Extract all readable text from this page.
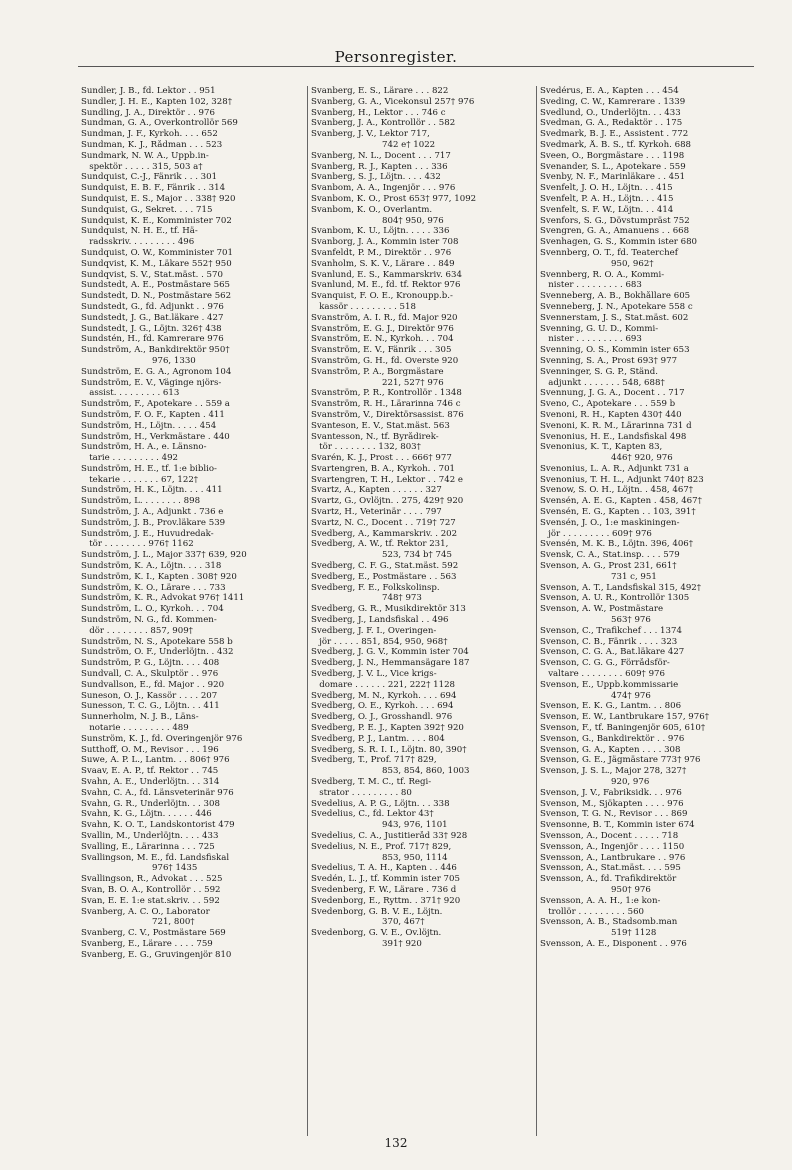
Personregister.
Sundler, J. B., fd. Lektor . . 951
Sundler, J. H. E., Kapten 102, 328†
Sundling, J. A., Direktör . . 976
Sundman, G. A., Överkontrollör 569
Sundman, J. F., Kyrkoh. . . . 652
Sundman, K. J., Rådman . . . 523
Sundmark, N. W. A., Uppb.in-
spektör . . . . . 315, 503 a†
Sundquist, C.-J., Fänrik . . . 301
Sundquist, E. B. F., Fänrik . . 314
Sundquist, E. S., Major . . 338† 920
Sundquist, G., Sekret. . . . 715
Sundquist, K. E., Komminister 702
Sundquist, N. H. E., tf. Hä-
radsskriv. . . . . . . . . 496
Sundquist, O. W., Komminister 701
Sundqvist, K. M., Läkare 552† 950
Sundqvist, S. V., Stat.mäst. . 570
Sundstedt, A. E., Postmästare 565
Sundstedt, D. N., Postmästare 562
Sundstedt, G., fd. Adjunkt . . 976
Sundstedt, J. G., Bat.läkare . 427
Sundstedt, J. G., Löjtn. 326† 438
Sundstén, H., fd. Kamrerare 976
Sundström, A., Bankdirektör 950†
976, 1330
Sundström, E. G. A., Agronom 104
Sundström, E. V., Väginge njörs-
assist. . . . . . . . . 613
Sundström, F., Apotekare . . 559 a
Sundström, F. O. F., Kapten . 411
Sundström, H., Löjtn. . . . . 454
Sundström, H., Verkmästare . 440
Sundström, H. A., e. Länsno-
tarie . . . . . . . . . 492
Sundström, H. E., tf. 1:e biblio-
tekarie . . . . . . . 67, 122†
Sundström, H. K., Löjtn. . . . 411
Sundström, L. . . . . . . . 898
Sundström, J. A., Adjunkt . 736 e
Sundström, J. B., Prov.läkare 539
Sundström, J. E., Huvudredak-
tör . . . . . . . . 976† 1162
Sundström, J. L., Major 337† 639, 920
Sundström, K. A., Löjtn. . . . 318
Sundström, K. I., Kapten . 308† 920
Sundström, K. O., Lärare . . . 733
Sundström, K. R., Advokat 976† 1411
Sundström, L. O., Kyrkoh. . . 704
Sundström, N. G., fd. Kommen-
dör . . . . . . . . 857, 909†
Sundström, N. S., Apotekare 558 b
Sundström, O. F., Underlöjtn. . 432
Sundström, P. G., Löjtn. . . . 408
Sundvall, C. A., Skulptör . . 976
Sundvallson, E., fd. Major . . 920
Suneson, O. J., Kassör . . . . 207
Sunesson, T. C. G., Löjtn. . . 411
Sunnerholm, N. J. B., Läns-
notarie . . . . . . . . . 489
Sunström, K. J., fd. Överingenjör 976
Sutthoff, O. M., Revisor . . . 196
Suwe, A. P. L., Lantm. . . 806† 976
Svaav, E. A. P., tf. Rektor . . 745
Svahn, A. E., Underlöjtn. . . 314
Svahn, C. A., fd. Länsveterinär 976
Svahn, G. R., Underlöjtn. . . 308
Svahn, K. G., Löjtn. . . . . . 446
Svahn, K. O. T., Landskontorist 479
Svallin, M., Underlöjtn. . . . 433
Svalling, E., Lärarinna . . . 725
Svallingson, M. E., fd. Landsfiskal
976† 1435
Svallingson, R., Advokat . . . 525
Svan, B. O. A., Kontrollör . . 592
Svan, E. E. 1:e stat.skriv. . . 592
Svanberg, A. C. O., Laborator
721, 800†
Svanberg, C. V., Postmästare 569
Svanberg, E., Lärare . . . . 759
Svanberg, E. G., Gruvingenjör 810
Svanberg, E. S., Lärare . . . 822
Svanberg, G. A., Vicekonsul 257† 976
Svanberg, H., Lektor . . . 746 c
Svanberg, J. A., Kontrollör . . 582
Svanberg, J. V., Lektor 717,
742 e† 1022
Svanberg, N. L., Docent . . . 717
Svanberg, R. J., Kapten . . . 336
Svanberg, S. J., Löjtn. . . . 432
Svanbom, A. A., Ingenjör . . . 976
Svanbom, K. O., Prost 653† 977, 1092
Svanbom, K. O., Överlantm.
804† 950, 976
Svanbom, K. U., Löjtn. . . . . 336
Svanborg, J. A., Kommin ister 708
Svanfeldt, P. M., Direktör . . 976
Svanholm, S. K. V., Lärare . . 849
Svanlund, E. S., Kammarskriv. 634
Svanlund, M. E., fd. tf. Rektor 976
Svanquist, F. O. E., Kronoupp.b.-
kassör . . . . . . . . . 518
Svanström, A. I. R., fd. Major 920
Svanström, E. G. J., Direktör 976
Svanström, E. N., Kyrkoh. . . 704
Svanström, E. V., Fänrik . . . 305
Svanström, G. H., fd. Överste 920
Svanström, P. A., Borgmästare
221, 527† 976
Svanström, P. R., Kontrollör . 1348
Svanström, R. H., Lärarinna 746 c
Svanström, V., Direktörsassist. 876
Svanteson, E. V., Stat.mäst. 563
Svantesson, N., tf. Byrådirek-
tör . . . . . . . . 132, 803†
Svarén, K. J., Prost . . . 666† 977
Svartengren, B. A., Kyrkoh. . 701
Svartengren, T. H., Lektor . . 742 e
Svartz, A., Kapten . . . . . . 327
Svartz, G., Övlöjtn. . 275, 429† 920
Svartz, H., Veterinär . . . . 797
Svartz, N. C., Docent . . 719† 727
Svedberg, A., Kammarskriv. . 202
Svedberg, A. W., tf. Rektor 231,
523, 734 b† 745
Svedberg, C. F. G., Stat.mäst. 592
Svedberg, E., Postmästare . . 563
Svedberg, F. E., Folkskolinsp.
748† 973
Svedberg, G. R., Musikdirektör 313
Svedberg, J., Landsfiskal . . 496
Svedberg, J. F. I., Överingen-
jör . . . . . 851, 854, 950, 968†
Svedberg, J. G. V., Kommin ister 704
Svedberg, J. N., Hemmansägare 187
Svedberg, J. V. L., Vice krigs-
domare . . . . . . 221, 222† 1128
Svedberg, M. N., Kyrkoh. . . . 694
Svedberg, O. E., Kyrkoh. . . . 694
Svedberg, O. J., Grosshandl. 976
Svedberg, P. E. J., Kapten 392† 920
Svedberg, P. J., Lantm. . . . 804
Svedberg, S. R. I. I., Löjtn. 80, 390†
Svedberg, T., Prof. 717† 829,
853, 854, 860, 1003
Svedberg, T. M. C., tf. Regi-
strator . . . . . . . . . 80
Svedelius, A. P. G., Löjtn. . . 338
Svedelius, C., fd. Lektor 43†
943, 976, 1101
Svedelius, C. A., Justitieråd 33† 928
Svedelius, N. E., Prof. 717† 829,
853, 950, 1114
Svedelius, T. A. H., Kapten . . 446
Svedén, L. J., tf. Kommin ister 705
Svedenberg, F. W., Lärare . 736 d
Svedenborg, E., Ryttm. . 371† 920
Svedenborg, G. B. V. E., Löjtn.
370, 467†
Svedenborg, G. V. E., Öv.löjtn.
391† 920
Svedérus, E. A., Kapten . . . 454
Sveding, C. W., Kamrerare . 1339
Svedlund, O., Underlöjtn. . . 433
Svedman, G. A., Redaktör . . 175
Svedmark, B. J. E., Assistent . 772
Svedmark, Å. B. S., tf. Kyrkoh. 688
Sveen, O., Borgmästare . . . 1198
Svenander, S. L., Apotekare . 559
Svenby, N. F., Marinläkare . . 451
Svenfelt, J. O. H., Löjtn. . . 415
Svenfelt, P. A. H., Löjtn. . . 415
Svenfelt, S. F. W., Löjtn. . . 414
Svenfors, S. G., Dövstumpräst 752
Svengren, G. A., Amanuens . . 668
Svenhagen, G. S., Kommin ister 680
Svennberg, O. T., fd. Teaterchef
950, 962†
Svennberg, R. O. A., Kommi-
nister . . . . . . . . . 683
Svenneberg, A. B., Bokhållare 605
Svenneberg, J. N., Apotekare 558 c
Svennerstam, J. S., Stat.mäst. 602
Svenning, G. U. D., Kommi-
nister . . . . . . . . . 693
Svenning, O. S., Kommin ister 653
Svenning, S. A., Prost 693† 977
Svenninger, S. G. P., Ständ.
adjunkt . . . . . . . 548, 688†
Svennung, J. G. A., Docent . . 717
Sveno, C., Apotekare . . . 559 b
Svenoni, R. H., Kapten 430† 440
Svenoni, K. R. M., Lärarinna 731 d
Svenonius, H. E., Landsfiskal 498
Svenonius, K. T., Kapten 83,
446† 920, 976
Svenonius, L. A. R., Adjunkt 731 a
Svenonius, T. H. L., Adjunkt 740† 823
Svenow, S. O. H., Löjtn. . 458, 467†
Svensén, A. E. G., Kapten . 458, 467†
Svensén, E. G., Kapten . . 103, 391†
Svensén, J. O., 1:e maskiningen-
jör . . . . . . . . . 609† 976
Svensén, M. K. B., Löjtn. 396, 406†
Svensk, C. A., Stat.insp. . . . 579
Svenson, A. G., Prost 231, 661†
731 c, 951
Svenson, A. T., Landsfiskal 315, 492†
Svenson, A. U. R., Kontrollör 1305
Svenson, A. W., Postmästare
563† 976
Svenson, C., Trafikchef . . . 1374
Svenson, C. B., Fänrik . . . . 323
Svenson, C. G. A., Bat.läkare 427
Svenson, C. G. G., Förrådsför-
valtare . . . . . . . . 609† 976
Svenson, E., Uppb.kommissarie
474† 976
Svenson, E. K. G., Lantm. . . 806
Svenson, E. W., Lantbrukare 157, 976†
Svenson, F., tf. Baningenjör 605, 610†
Svenson, G., Bankdirektör . . 976
Svenson, G. A., Kapten . . . . 308
Svenson, G. E., Jägmästare 773† 976
Svenson, J. S. L., Major 278, 327†
920, 976
Svenson, J. V., Fabriksidk. . . 976
Svenson, M., Sjökapten . . . . 976
Svenson, T. G. N., Revisor . . . 869
Svensonne, B. T., Kommin ister 674
Svensson, A., Docent . . . . . 718
Svensson, A., Ingenjör . . . . 1150
Svensson, A., Lantbrukare . . 976
Svensson, A., Stat.mäst. . . . 595
Svensson, A., fd. Trafikdirektör
950† 976
Svensson, A. A. H., 1:e kon-
trollör . . . . . . . . . 560
Svensson, A. B., Stadsomb.man
519† 1128
Svensson, A. E., Disponent . . 976
132
